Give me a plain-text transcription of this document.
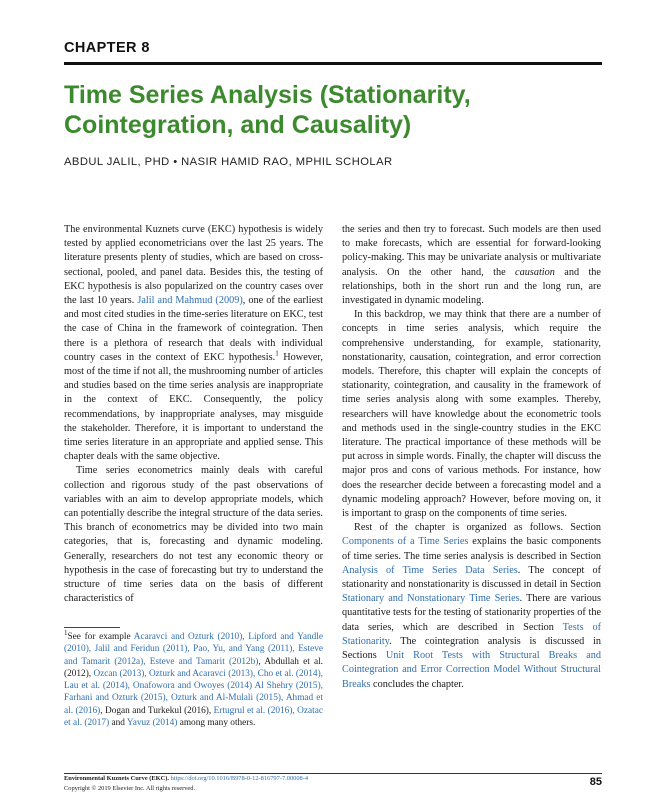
CHAPTER 8
Time Series Analysis (Stationarity, Cointegration, and Causality)
ABDUL JALIL, PHD • NASIR HAMID RAO, MPHIL SCHOLAR

The environmental Kuznets curve (EKC) hypothesis is widely tested by applied econometricians over the last 25 years. The literature presents plenty of studies, which are based on cross-sectional, pooled, and panel data. Besides this, the testing of EKC hypothesis is also popularized on the country cases over the last 10 years. Jalil and Mahmud (2009), one of the earliest and most cited studies in the time-series literature on EKC, test the case of China in the framework of cointegration. Then there is a plethora of research that deals with individual country cases in the context of EKC hypothesis.$^1$ However, most of the time if not all, the mushrooming number of articles and studies based on the time series analysis are inappropriate in the context of EKC. Consequently, the policy recommendations, by inappropriate analyses, may misguide the stakeholder. Therefore, it is important to understand the time series literature in an appropriate and applied sense. This chapter deals with the same objective.

Time series econometrics mainly deals with careful collection and rigorous study of the past observations of variables with an aim to develop appropriate models, which can potentially describe the integral structure of the data series. This branch of econometrics may be divided into two main categories, that is, forecasting and dynamic modeling. Generally, researchers do not test any economic theory or hypothesis in the case of forecasting but try to understand the structure of time series data on the basis of different characteristics of

$^1$See for example Acaravci and Ozturk (2010), Lipford and Yandle (2010), Jalil and Feridun (2011), Pao, Yu, and Yang (2011), Esteve and Tamarit (2012a), Esteve and Tamarit (2012b), Abdullah et al. (2012), Ozcan (2013), Ozturk and Acaravci (2013), Cho et al. (2014), Lau et al. (2014), Onafowora and Owoyes (2014) Al Shehry (2015), Farhani and Ozturk (2015), Ozturk and Al-Mulali (2015), Ahmad et al. (2016), Dogan and Turkekul (2016), Ertugrul et al. (2016), Ozatac et al. (2017) and Yavuz (2014) among many others.

the series and then try to forecast. Such models are then used to make forecasts, which are essential for forward-looking policy-making. This may be univariate analysis or multivariate analysis. On the other hand, the causation and the relationships, both in the short run and the long run, are investigated in dynamic modeling.

In this backdrop, we may think that there are a number of concepts in time series analysis, which require the comprehensive understanding, for example, stationarity, nonstationarity, causation, cointegration, and error correction models. Therefore, this chapter will explain the concepts of stationarity, cointegration, and causality in the framework of time series analysis along with some examples. Thereby, researchers will have knowledge about the econometric tools and methods used in the single-country studies in the EKC literature. The practical importance of these methods will be put across in simple words. Finally, the chapter will discuss the major pros and cons of various methods. For instance, how does the researcher decide between a forecasting model and a dynamic modeling approach? However, before moving on, it is important to grasp on the components of time series.

Rest of the chapter is organized as follows. Section Components of a Time Series explains the basic components of time series. The time series analysis is described in Section Analysis of Time Series Data Series. The concept of stationarity and nonstationarity is discussed in detail in Section Stationary and Nonstationary Time Series. There are various quantitative tests for the testing of stationarity properties of the data series, which are described in Section Tests of Stationarity. The cointegration analysis is discussed in Sections Unit Root Tests with Structural Breaks and Cointegration and Error Correction Model Without Structural Breaks concludes the chapter.

Environmental Kuznets Curve (EKC). https://doi.org/10.1016/B978-0-12-816797-7.00008-4
Copyright © 2019 Elsevier Inc. All rights reserved.
85
